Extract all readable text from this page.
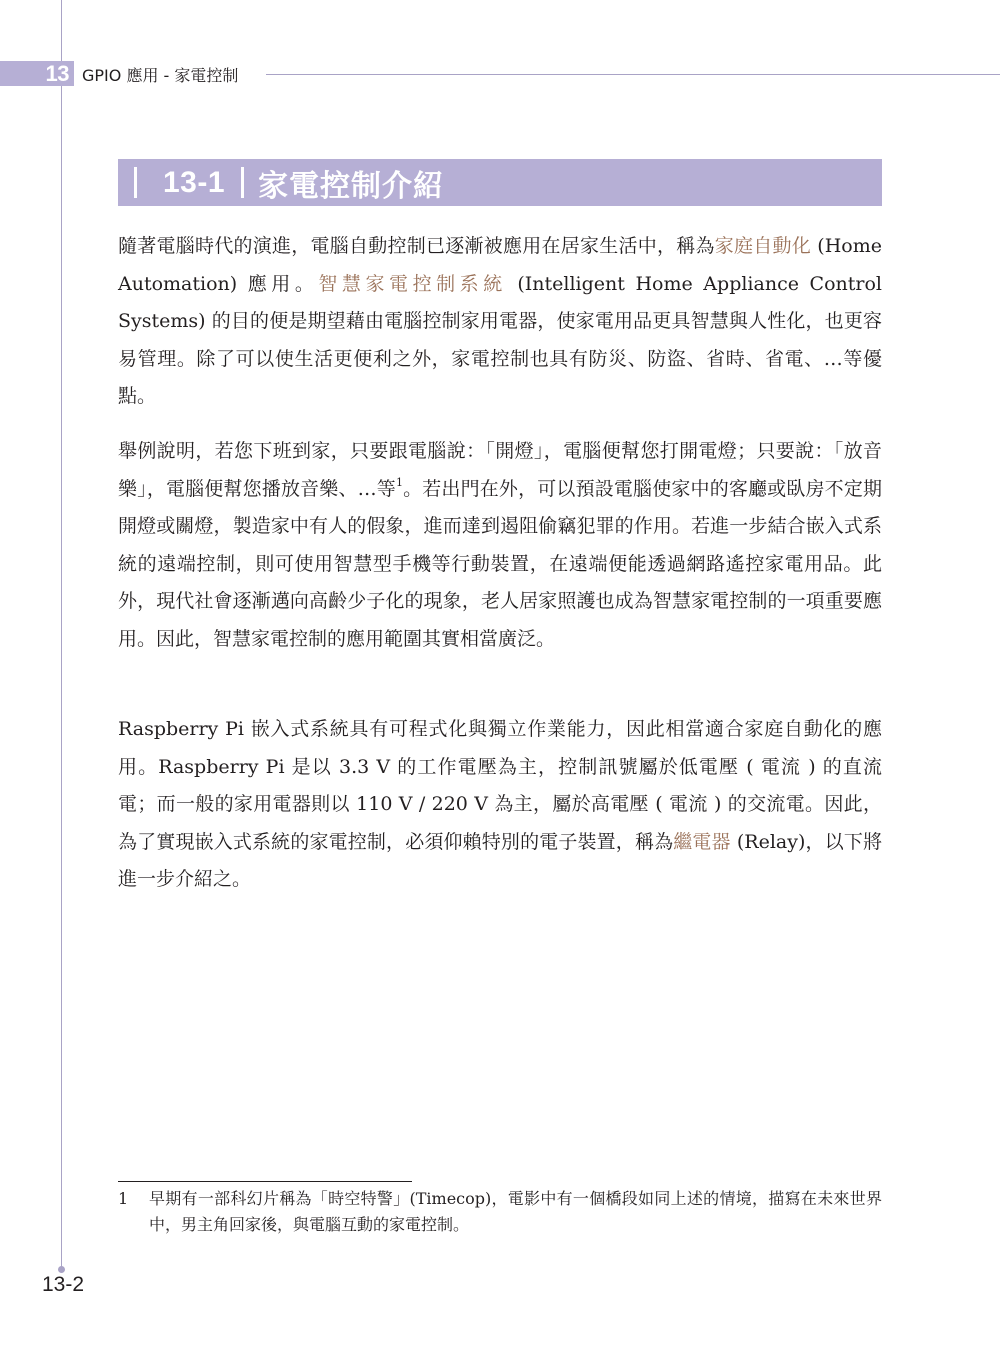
13 GPIO 應用 - 家電控制
13-1 家電控制介紹
隨著電腦時代的演進，電腦自動控制已逐漸被應用在居家生活中，稱為家庭自動化 (Home Automation) 應用。智慧家電控制系統 (Intelligent Home Appliance Control Systems) 的目的便是期望藉由電腦控制家用電器，使家電用品更具智慧與人性化，也更容易管理。除了可以使生活更便利之外，家電控制也具有防災、防盜、省時、省電、…等優點。
舉例說明，若您下班到家，只要跟電腦說：「開燈」，電腦便幫您打開電燈；只要說：「放音樂」，電腦便幫您播放音樂、…等$^1$。若出門在外，可以預設電腦使家中的客廳或臥房不定期開燈或關燈，製造家中有人的假象，進而達到遏阻偷竊犯罪的作用。若進一步結合嵌入式系統的遠端控制，則可使用智慧型手機等行動裝置，在遠端便能透過網路遙控家電用品。此外，現代社會逐漸邁向高齡少子化的現象，老人居家照護也成為智慧家電控制的一項重要應用。因此，智慧家電控制的應用範圍其實相當廣泛。
Raspberry Pi 嵌入式系統具有可程式化與獨立作業能力，因此相當適合家庭自動化的應用。Raspberry Pi 是以 3.3 V 的工作電壓為主，控制訊號屬於低電壓 ( 電流 ) 的直流電；而一般的家用電器則以 110 V / 220 V 為主，屬於高電壓 ( 電流 ) 的交流電。因此，為了實現嵌入式系統的家電控制，必須仰賴特別的電子裝置，稱為繼電器 (Relay)，以下將進一步介紹之。
1	早期有一部科幻片稱為「時空特警」(Timecop)，電影中有一個橋段如同上述的情境，描寫在未來世界中，男主角回家後，與電腦互動的家電控制。
13-2
